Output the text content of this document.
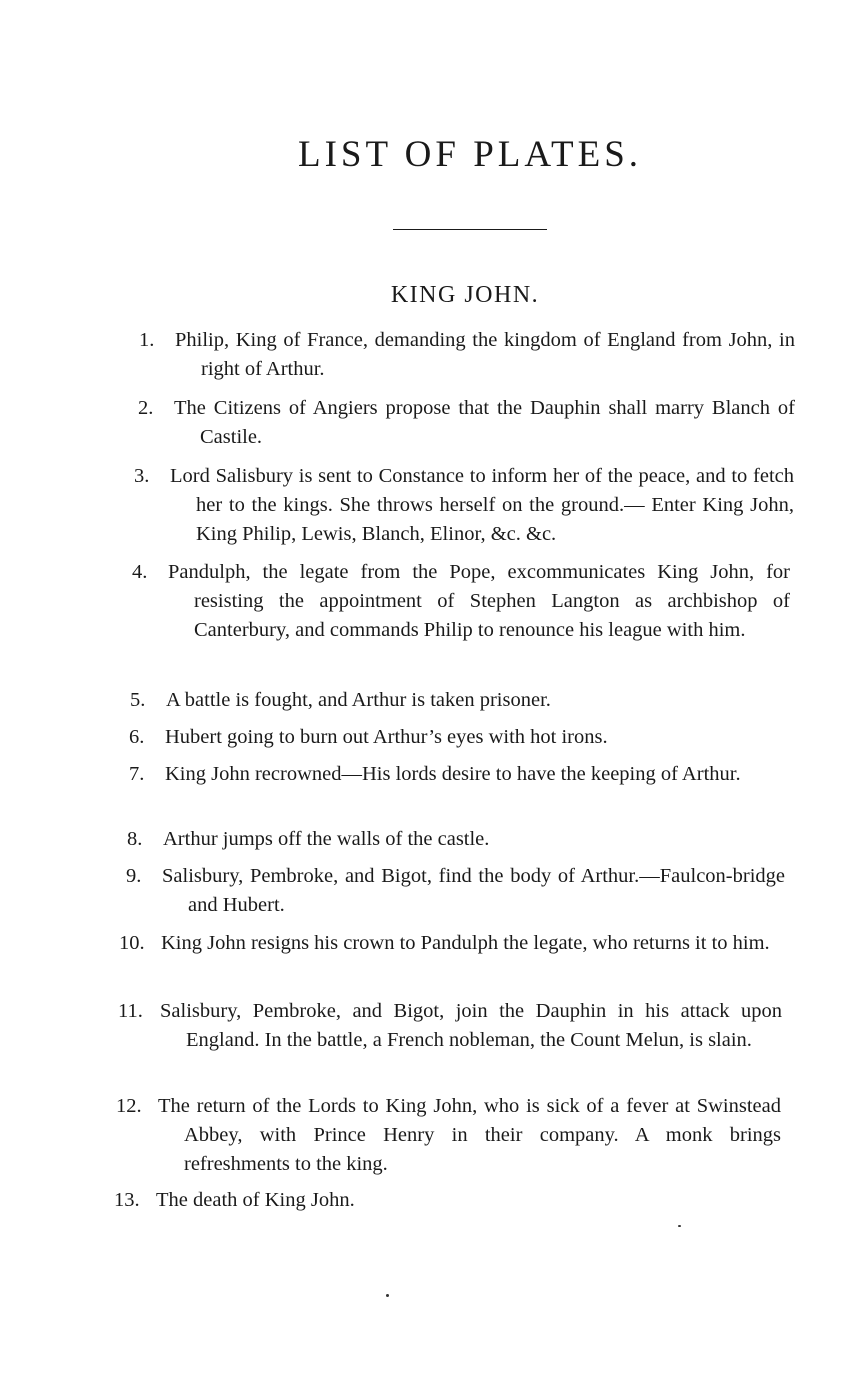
LIST OF PLATES.
KING JOHN.
1.	Philip, King of France, demanding the kingdom of England from John, in right of Arthur.
2.	The Citizens of Angiers propose that the Dauphin shall marry Blanch of Castile.
3.	Lord Salisbury is sent to Constance to inform her of the peace, and to fetch her to the kings. She throws herself on the ground.— Enter King John, King Philip, Lewis, Blanch, Elinor, &c. &c.
4.	Pandulph, the legate from the Pope, excommunicates King John, for resisting the appointment of Stephen Langton as archbishop of Canterbury, and commands Philip to renounce his league with him.
5.	A battle is fought, and Arthur is taken prisoner.
6.	Hubert going to burn out Arthur’s eyes with hot irons.
7.	King John recrowned—His lords desire to have the keeping of Arthur.
8.	Arthur jumps off the walls of the castle.
9.	Salisbury, Pembroke, and Bigot, find the body of Arthur.—Faulcon-bridge and Hubert.
10. King John resigns his crown to Pandulph the legate, who returns it to him.
11. Salisbury, Pembroke, and Bigot, join the Dauphin in his attack upon England. In the battle, a French nobleman, the Count Melun, is slain.
12. The return of the Lords to King John, who is sick of a fever at Swinstead Abbey, with Prince Henry in their company. A monk brings refreshments to the king.
13. The death of King John.
